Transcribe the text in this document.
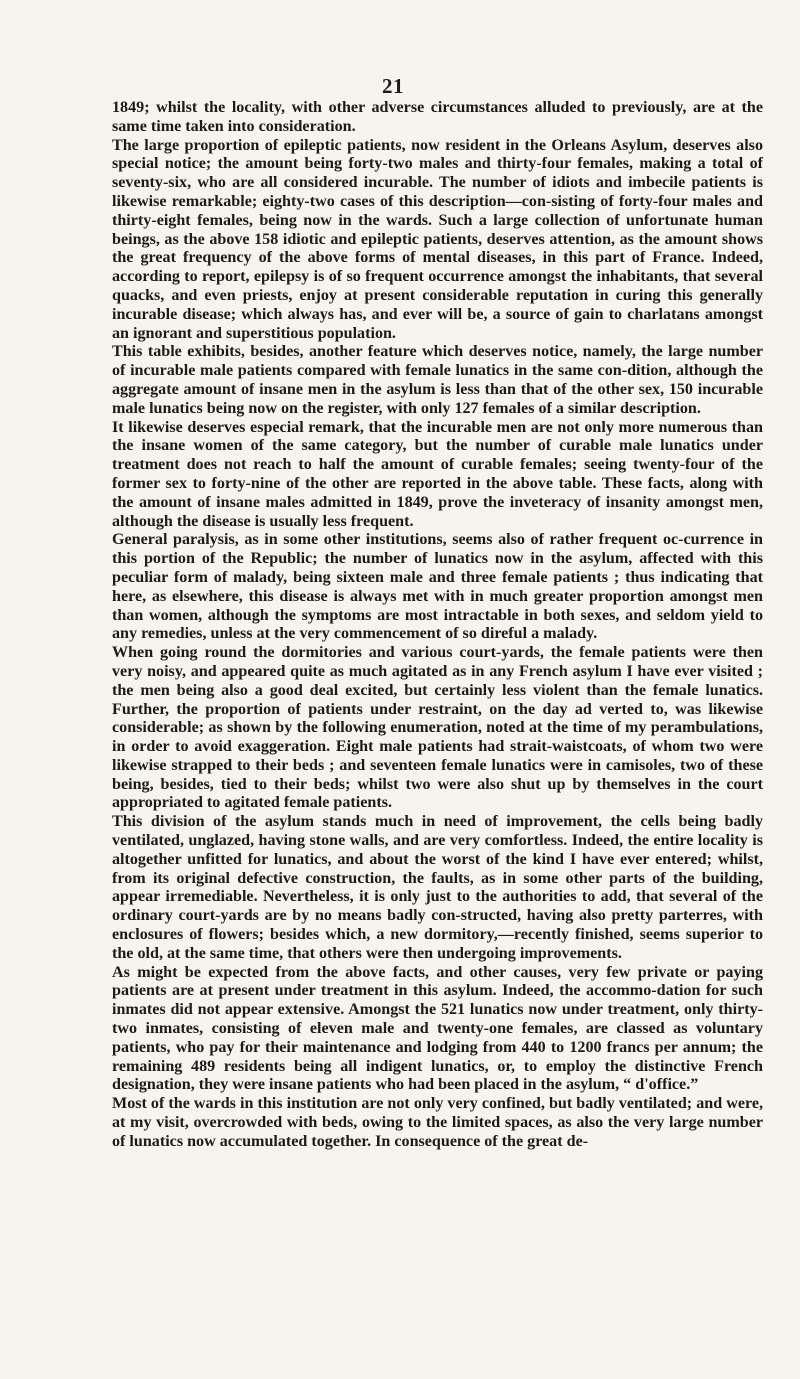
21

1849; whilst the locality, with other adverse circumstances alluded to previously, are at the same time taken into consideration.

The large proportion of epileptic patients, now resident in the Orleans Asylum, deserves also special notice; the amount being forty-two males and thirty-four females, making a total of seventy-six, who are all considered incurable. The number of idiots and imbecile patients is likewise remarkable; eighty-two cases of this description—con-sisting of forty-four males and thirty-eight females, being now in the wards. Such a large collection of unfortunate human beings, as the above 158 idiotic and epileptic patients, deserves attention, as the amount shows the great frequency of the above forms of mental diseases, in this part of France. Indeed, according to report, epilepsy is of so frequent occurrence amongst the inhabitants, that several quacks, and even priests, enjoy at present considerable reputation in curing this generally incurable disease; which always has, and ever will be, a source of gain to charlatans amongst an ignorant and superstitious population.

This table exhibits, besides, another feature which deserves notice, namely, the large number of incurable male patients compared with female lunatics in the same con-dition, although the aggregate amount of insane men in the asylum is less than that of the other sex, 150 incurable male lunatics being now on the register, with only 127 females of a similar description.

It likewise deserves especial remark, that the incurable men are not only more numerous than the insane women of the same category, but the number of curable male lunatics under treatment does not reach to half the amount of curable females; seeing twenty-four of the former sex to forty-nine of the other are reported in the above table. These facts, along with the amount of insane males admitted in 1849, prove the inveteracy of insanity amongst men, although the disease is usually less frequent.

General paralysis, as in some other institutions, seems also of rather frequent oc-currence in this portion of the Republic; the number of lunatics now in the asylum, affected with this peculiar form of malady, being sixteen male and three female patients ; thus indicating that here, as elsewhere, this disease is always met with in much greater proportion amongst men than women, although the symptoms are most intractable in both sexes, and seldom yield to any remedies, unless at the very commencement of so direful a malady.

When going round the dormitories and various court-yards, the female patients were then very noisy, and appeared quite as much agitated as in any French asylum I have ever visited ; the men being also a good deal excited, but certainly less violent than the female lunatics. Further, the proportion of patients under restraint, on the day ad verted to, was likewise considerable; as shown by the following enumeration, noted at the time of my perambulations, in order to avoid exaggeration. Eight male patients had strait-waistcoats, of whom two were likewise strapped to their beds ; and seventeen female lunatics were in camisoles, two of these being, besides, tied to their beds; whilst two were also shut up by themselves in the court appropriated to agitated female patients.

This division of the asylum stands much in need of improvement, the cells being badly ventilated, unglazed, having stone walls, and are very comfortless. Indeed, the entire locality is altogether unfitted for lunatics, and about the worst of the kind I have ever entered; whilst, from its original defective construction, the faults, as in some other parts of the building, appear irremediable. Nevertheless, it is only just to the authorities to add, that several of the ordinary court-yards are by no means badly con-structed, having also pretty parterres, with enclosures of flowers; besides which, a new dormitory,—recently finished, seems superior to the old, at the same time, that others were then undergoing improvements.

As might be expected from the above facts, and other causes, very few private or paying patients are at present under treatment in this asylum. Indeed, the accommo-dation for such inmates did not appear extensive. Amongst the 521 lunatics now under treatment, only thirty-two inmates, consisting of eleven male and twenty-one females, are classed as voluntary patients, who pay for their maintenance and lodging from 440 to 1200 francs per annum; the remaining 489 residents being all indigent lunatics, or, to employ the distinctive French designation, they were insane patients who had been placed in the asylum, “ d'office.”

Most of the wards in this institution are not only very confined, but badly ventilated; and were, at my visit, overcrowded with beds, owing to the limited spaces, as also the very large number of lunatics now accumulated together. In consequence of the great de-
